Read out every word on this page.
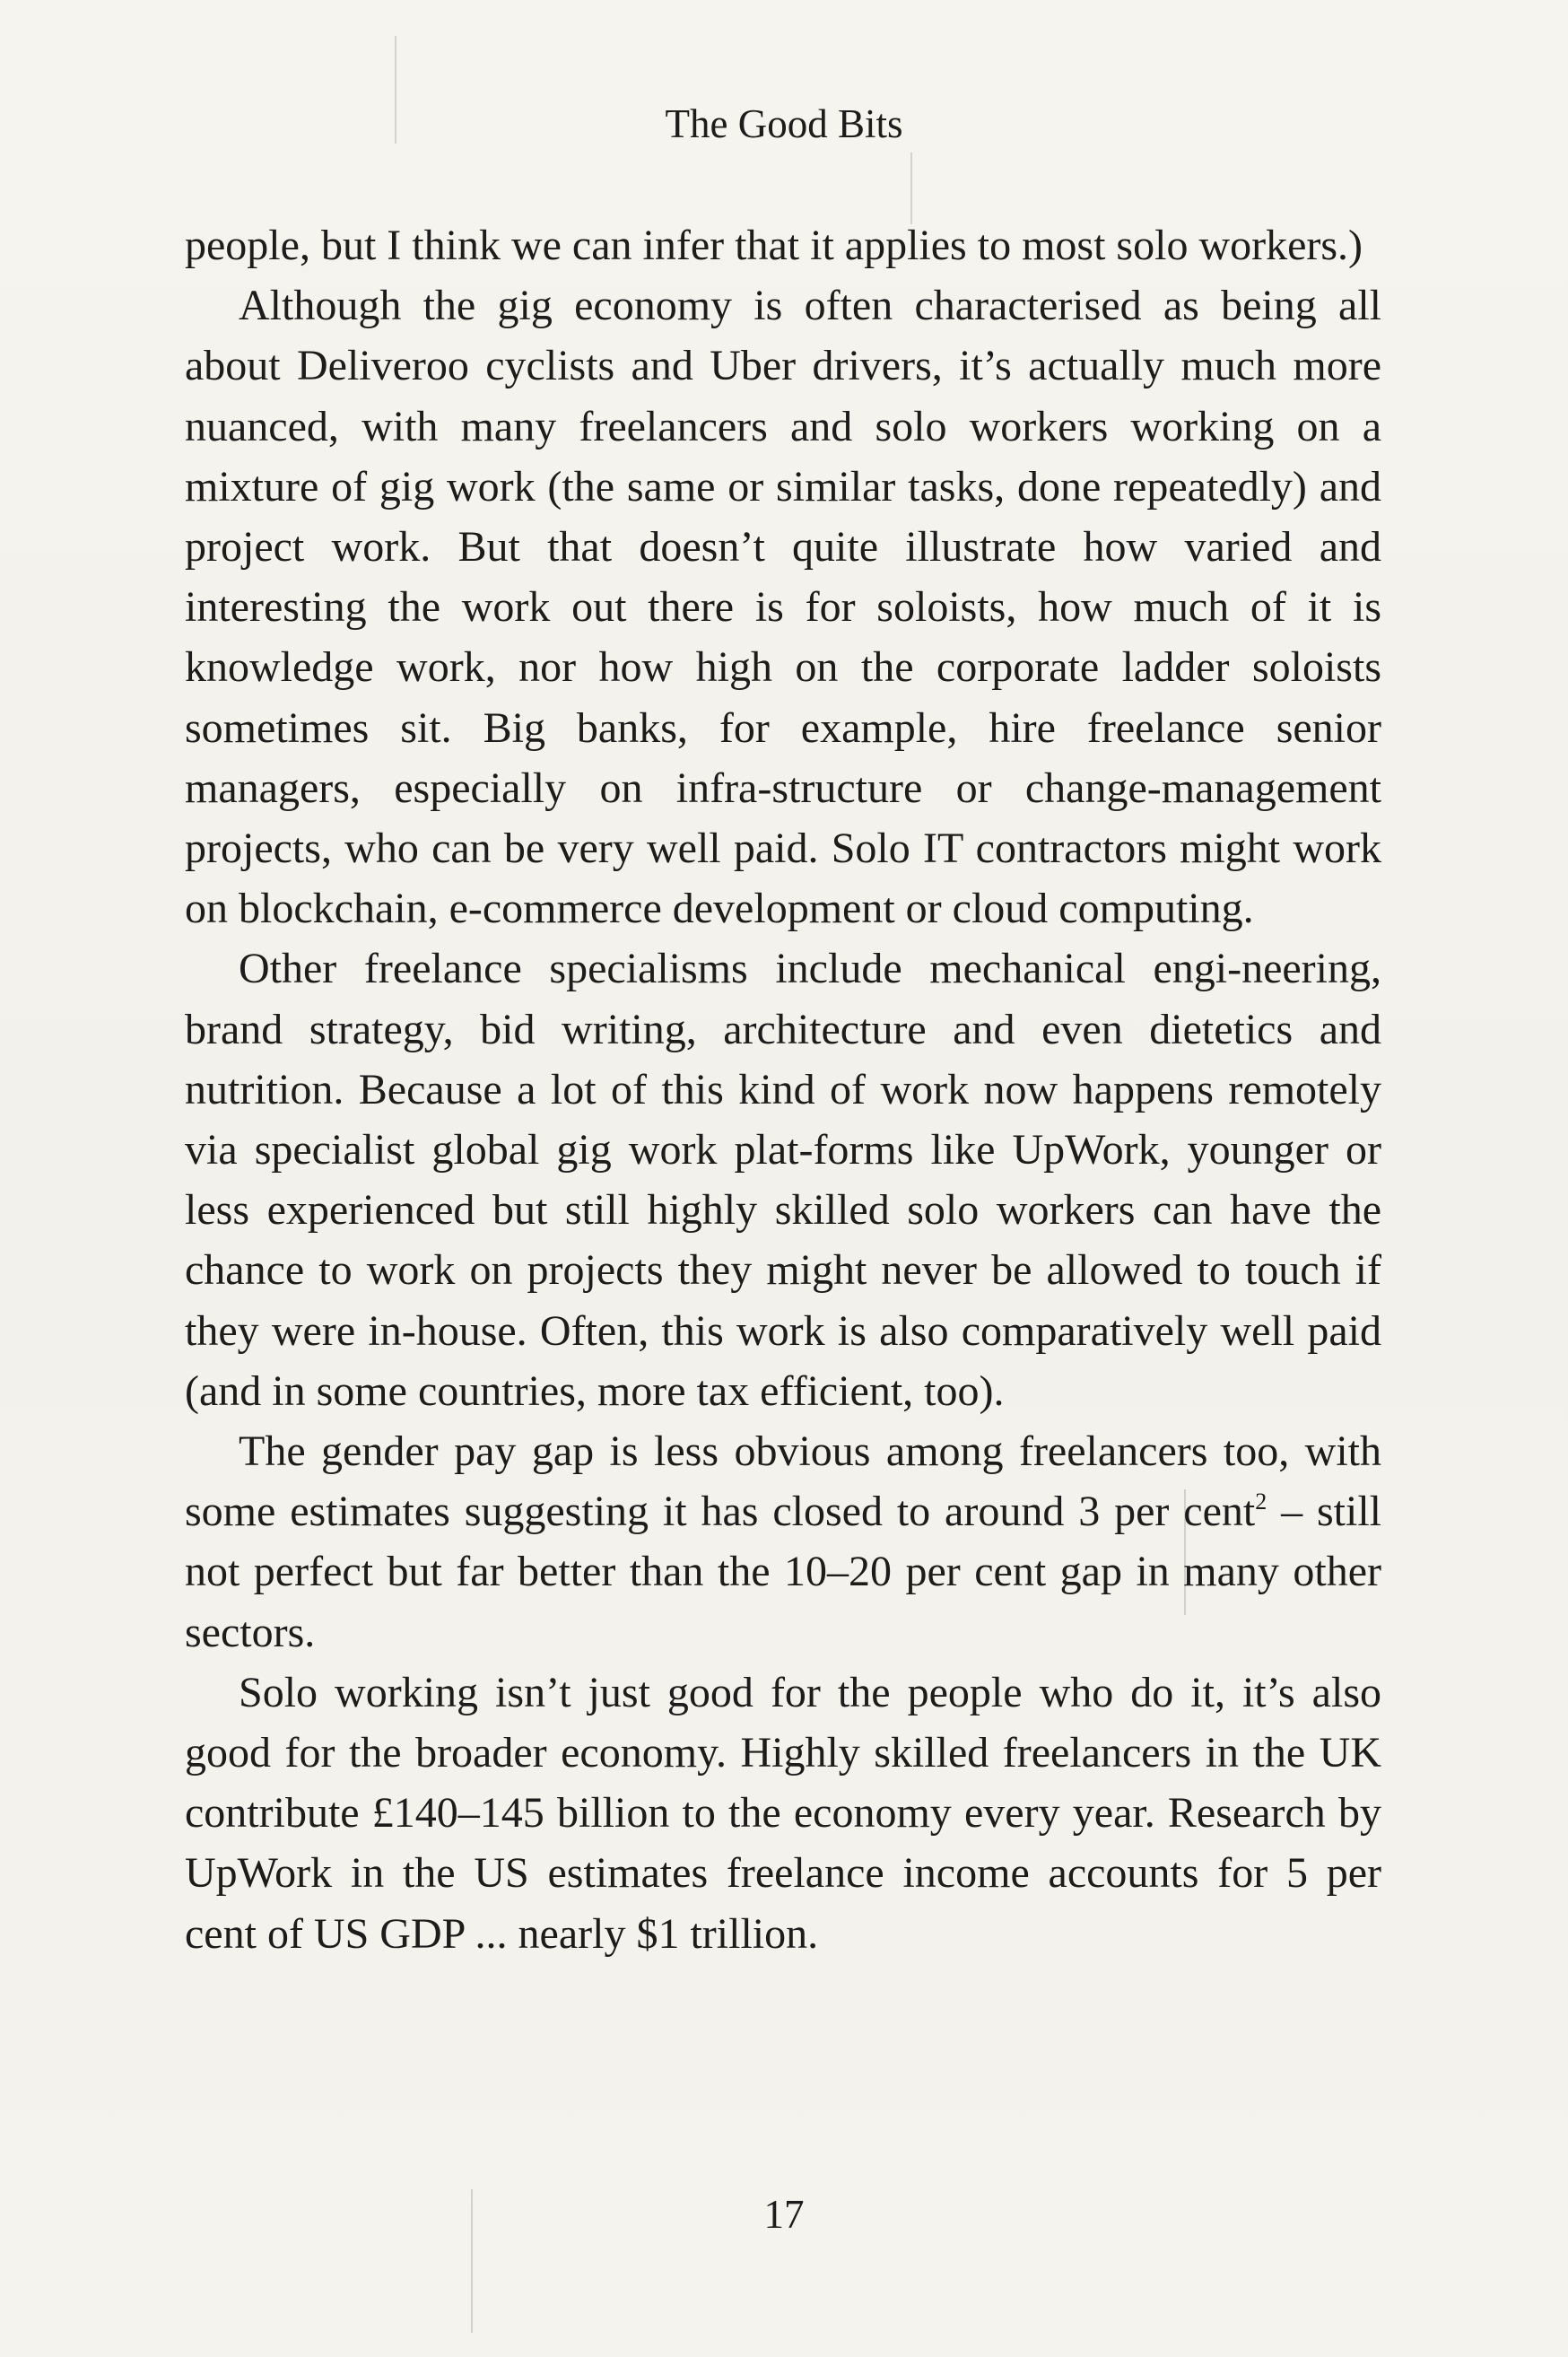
The Good Bits

people, but I think we can infer that it applies to most solo workers.)

Although the gig economy is often characterised as being all about Deliveroo cyclists and Uber drivers, it’s actually much more nuanced, with many freelancers and solo workers working on a mixture of gig work (the same or similar tasks, done repeatedly) and project work. But that doesn’t quite illustrate how varied and interesting the work out there is for soloists, how much of it is knowledge work, nor how high on the corporate ladder soloists sometimes sit. Big banks, for example, hire freelance senior managers, especially on infra-structure or change-management projects, who can be very well paid. Solo IT contractors might work on blockchain, e-commerce development or cloud computing.

Other freelance specialisms include mechanical engi-neering, brand strategy, bid writing, architecture and even dietetics and nutrition. Because a lot of this kind of work now happens remotely via specialist global gig work plat-forms like UpWork, younger or less experienced but still highly skilled solo workers can have the chance to work on projects they might never be allowed to touch if they were in-house. Often, this work is also comparatively well paid (and in some countries, more tax efficient, too).

The gender pay gap is less obvious among freelancers too, with some estimates suggesting it has closed to around 3 per cent$^2$ – still not perfect but far better than the 10–20 per cent gap in many other sectors.

Solo working isn’t just good for the people who do it, it’s also good for the broader economy. Highly skilled freelancers in the UK contribute £140–145 billion to the economy every year. Research by UpWork in the US estimates freelance income accounts for 5 per cent of US GDP ... nearly $1 trillion.

17
